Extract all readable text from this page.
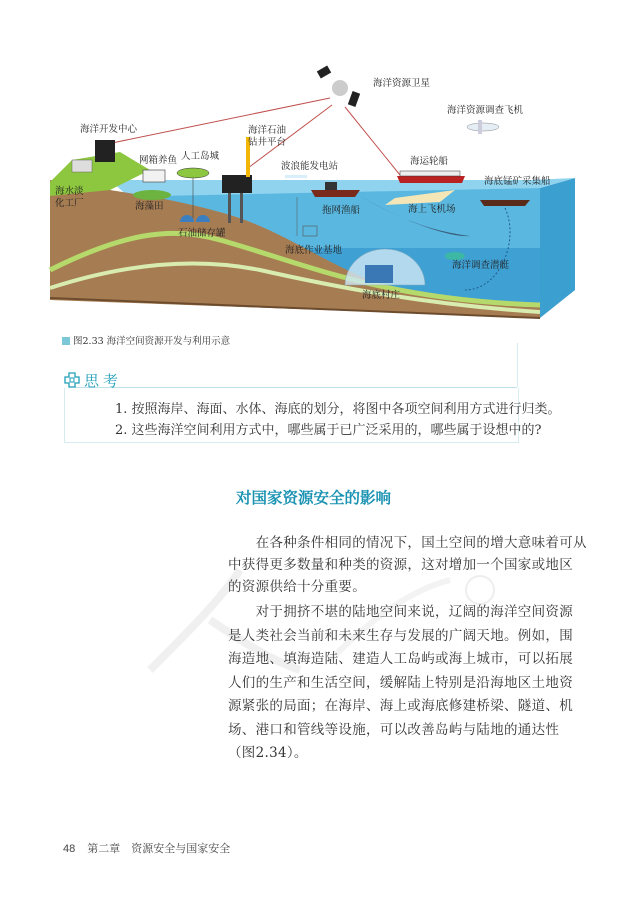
海洋资源卫星
海洋资源调查飞机
海洋开发中心	海洋石油钻井平台
网箱养鱼 人工岛城
波浪能发电站	海运轮船
海底锰矿采集船
海水淡化工厂	海藻田	拖网渔船	海上飞机场
石油储存罐
海底作业基地
海洋调查潜艇
海底村庄
图2.33 海洋空间资源开发与利用示意
思考
1. 按照海岸、海面、水体、海底的划分，将图中各项空间利用方式进行归类。
2. 这些海洋空间利用方式中，哪些属于已广泛采用的，哪些属于设想中的?
对国家资源安全的影响
　　在各种条件相同的情况下，国土空间的增大意味着可从
中获得更多数量和种类的资源，这对增加一个国家或地区
的资源供给十分重要。
　　对于拥挤不堪的陆地空间来说，辽阔的海洋空间资源
是人类社会当前和未来生存与发展的广阔天地。例如，围
海造地、填海造陆、建造人工岛屿或海上城市，可以拓展
人们的生产和生活空间，缓解陆上特别是沿海地区土地资
源紧张的局面；在海岸、海上或海底修建桥梁、隧道、机
场、港口和管线等设施，可以改善岛屿与陆地的通达性
（图2.34）。
48 第二章　资源安全与国家安全
